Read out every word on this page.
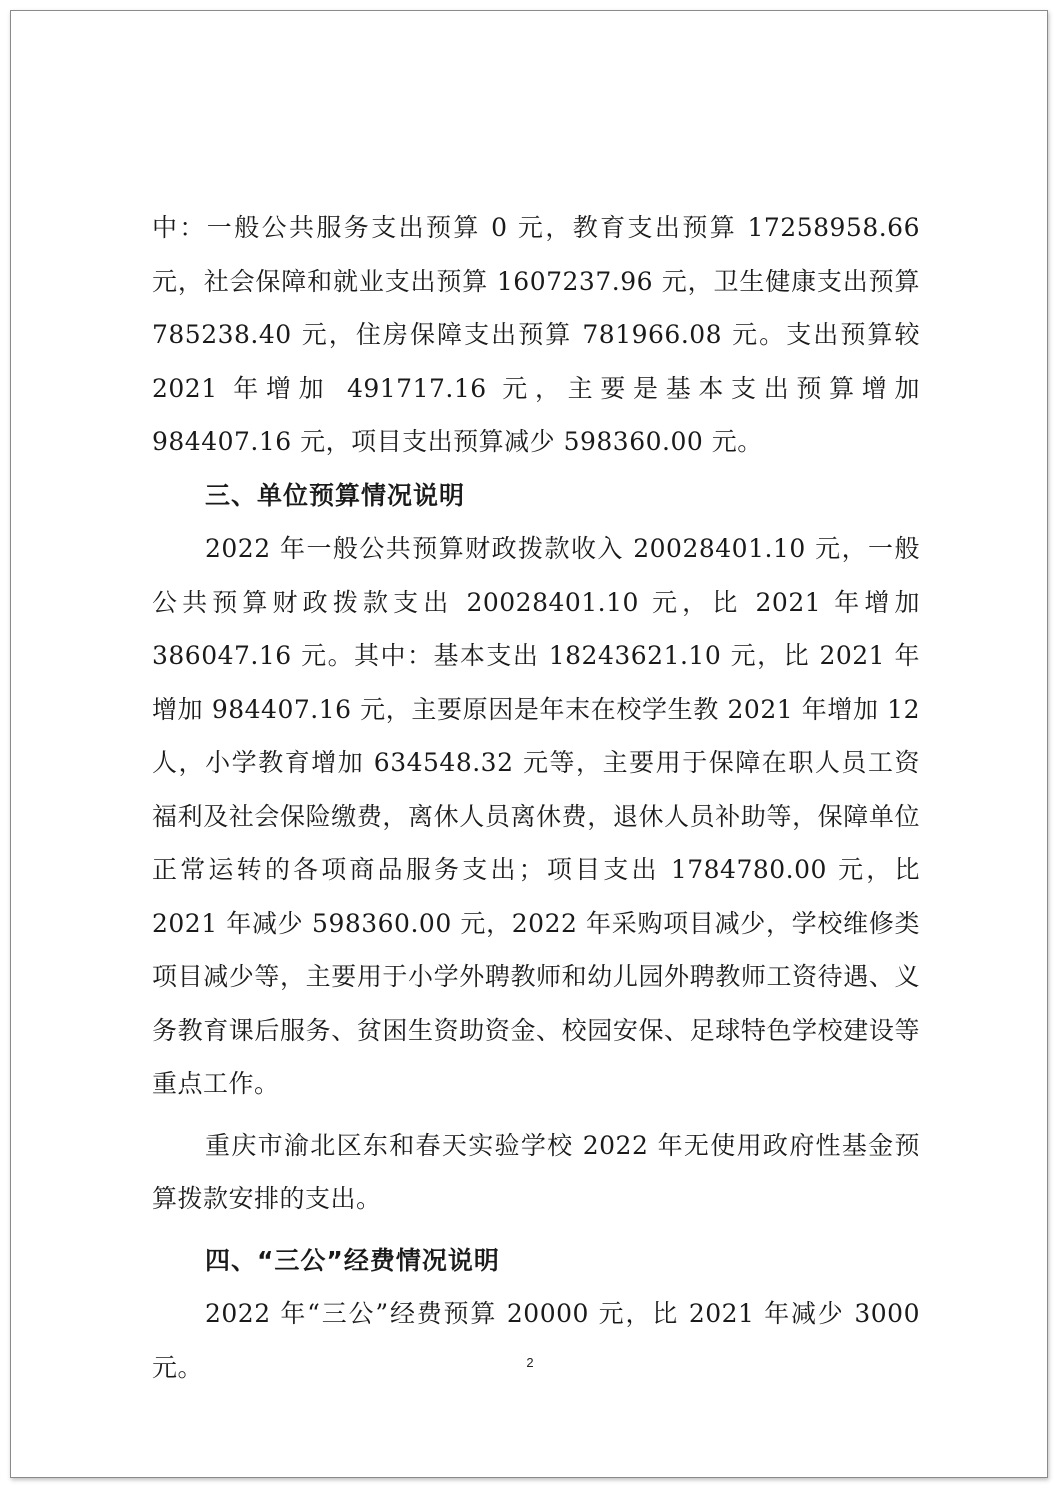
中：一般公共服务支出预算 0 元，教育支出预算 17258958.66 元，社会保障和就业支出预算 1607237.96 元，卫生健康支出预算 785238.40 元，住房保障支出预算 781966.08 元。支出预算较 2021 年增加 491717.16 元，主要是基本支出预算增加 984407.16 元，项目支出预算减少 598360.00 元。

三、单位预算情况说明

2022 年一般公共预算财政拨款收入 20028401.10 元，一般公共预算财政拨款支出 20028401.10 元，比 2021 年增加 386047.16 元。其中：基本支出 18243621.10 元，比 2021 年增加 984407.16 元，主要原因是年末在校学生教 2021 年增加 12 人，小学教育增加 634548.32 元等，主要用于保障在职人员工资福利及社会保险缴费，离休人员离休费，退休人员补助等，保障单位正常运转的各项商品服务支出；项目支出 1784780.00 元，比 2021 年减少 598360.00 元，2022 年采购项目减少，学校维修类项目减少等，主要用于小学外聘教师和幼儿园外聘教师工资待遇、义务教育课后服务、贫困生资助资金、校园安保、足球特色学校建设等重点工作。

重庆市渝北区东和春天实验学校 2022 年无使用政府性基金预算拨款安排的支出。

四、“三公”经费情况说明

2022 年“三公”经费预算 20000 元，比 2021 年减少 3000 元。	2
